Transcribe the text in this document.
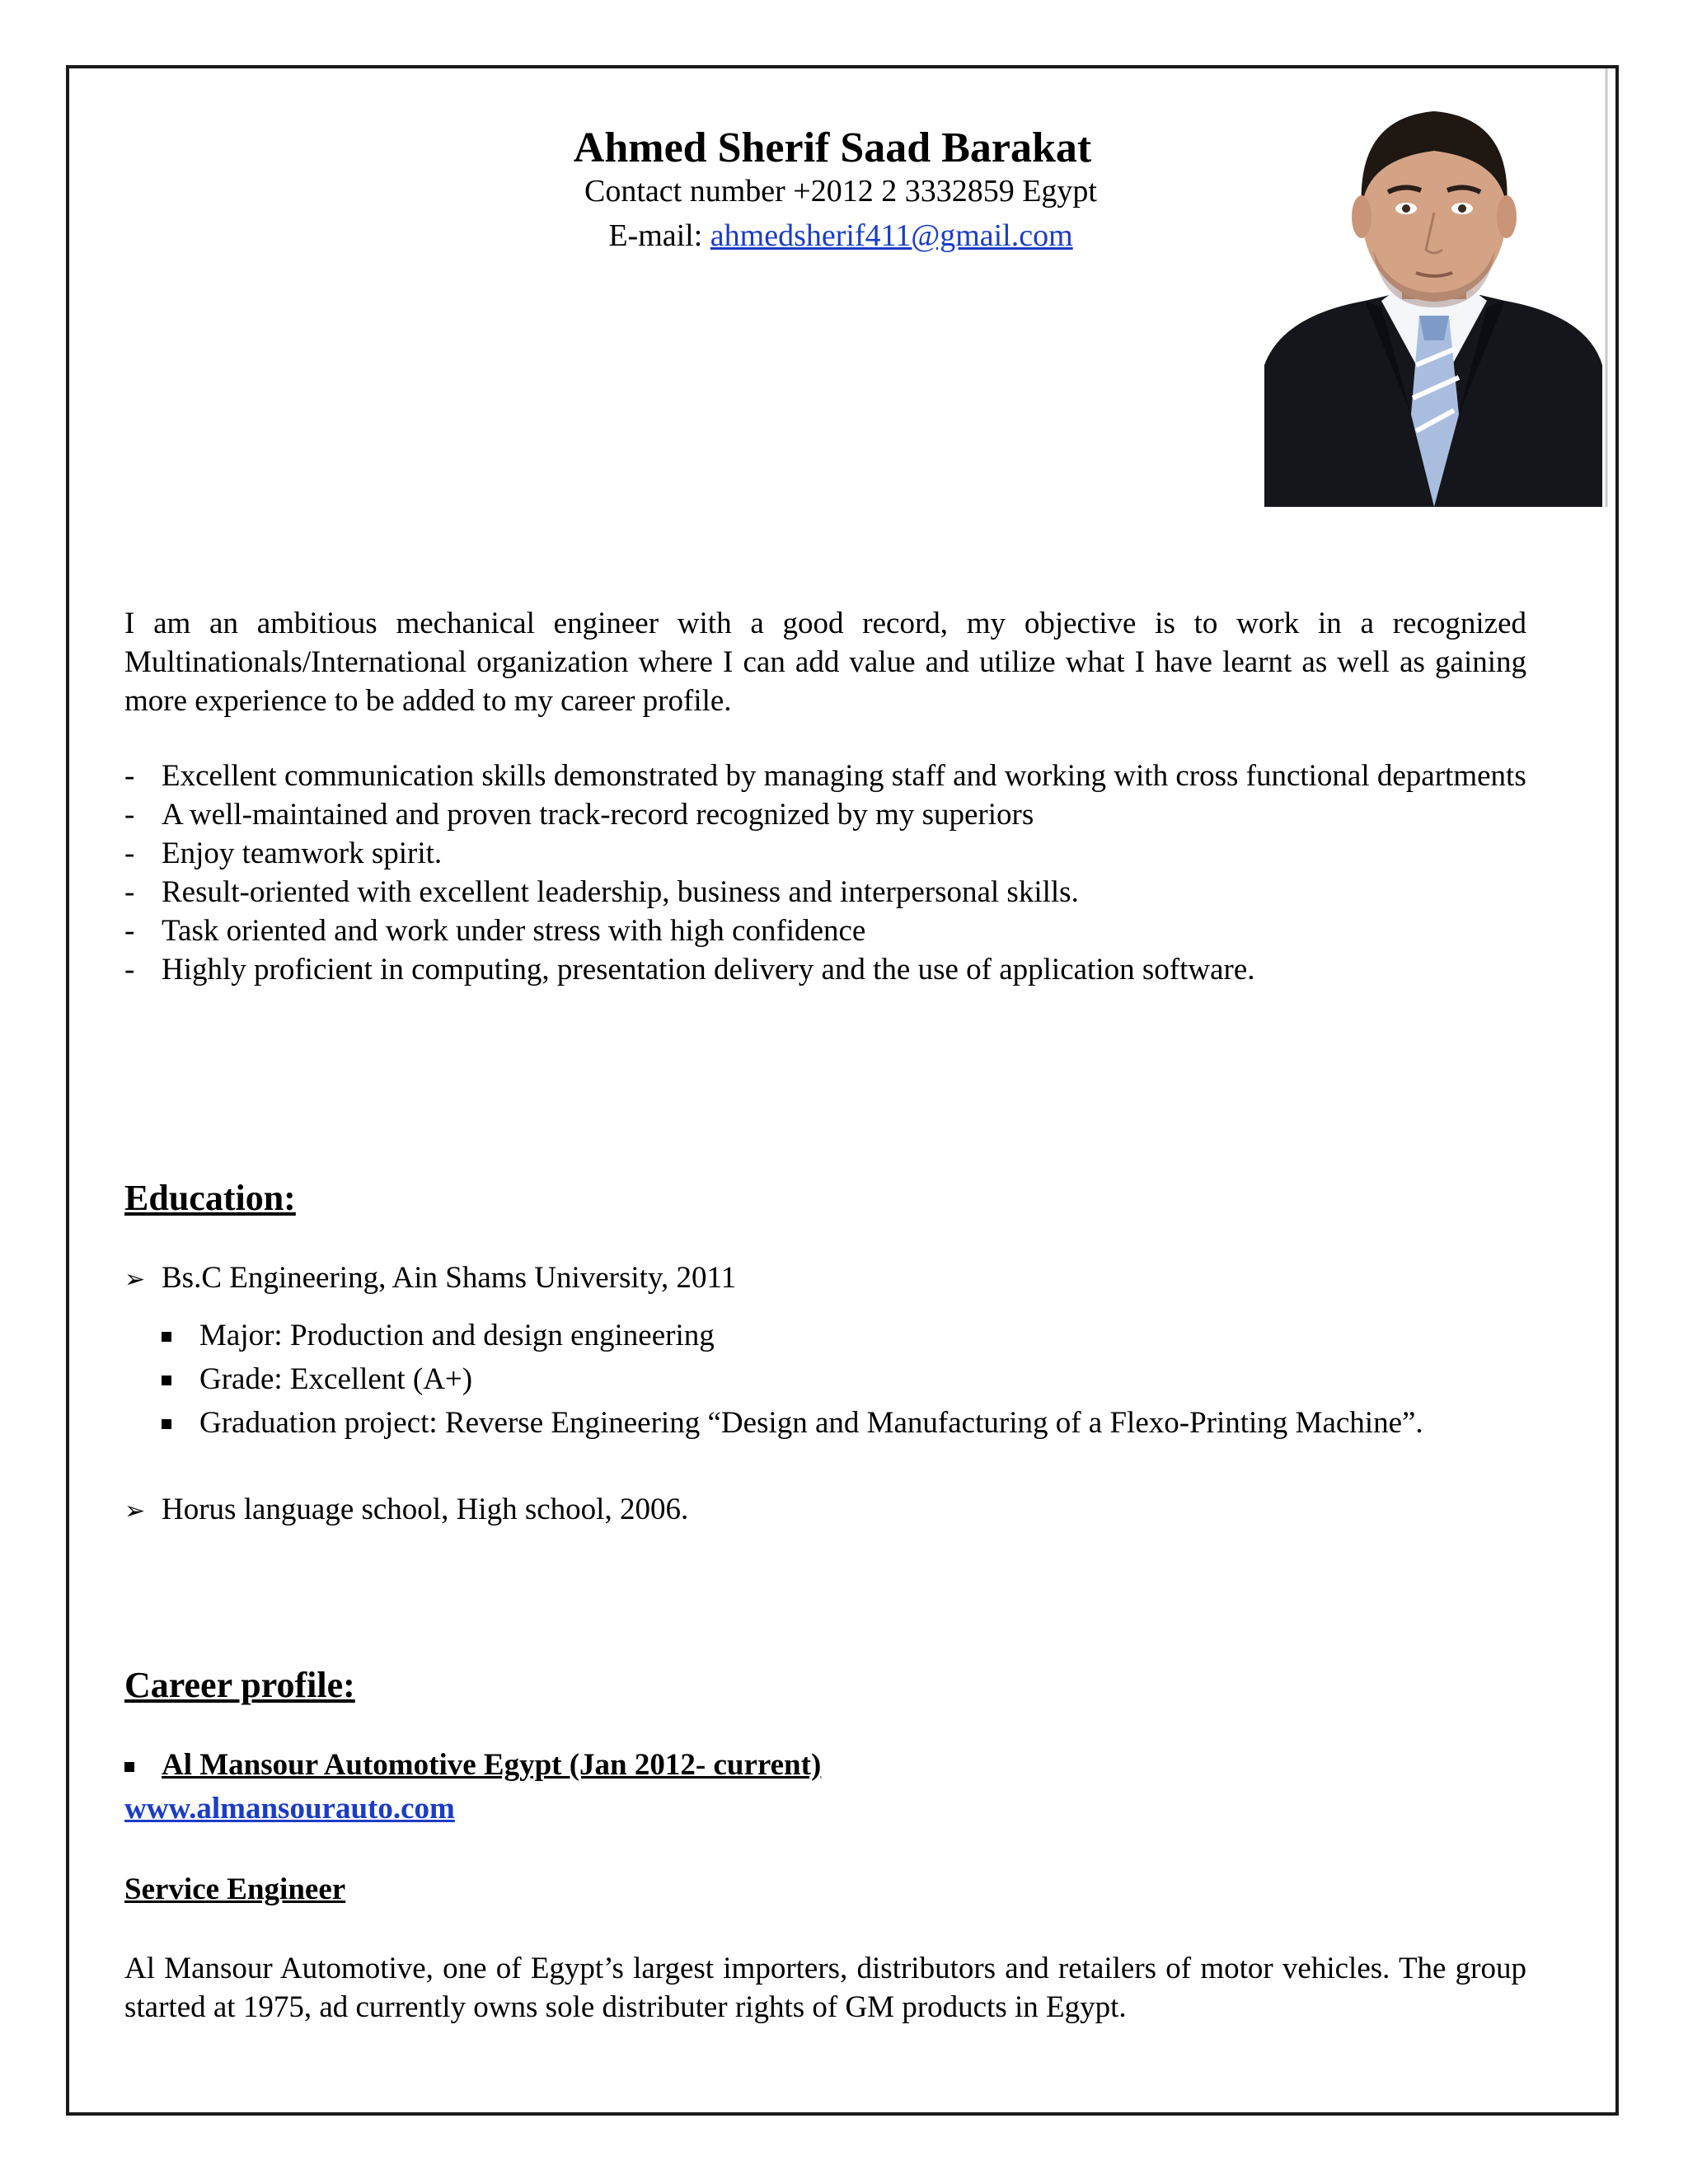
Ahmed Sherif Saad Barakat
Contact number +2012 2 3332859 Egypt
E-mail: ahmedsherif411@gmail.com
I am an ambitious mechanical engineer with a good record, my objective is to work in a recognized Multinationals/International organization where I can add value and utilize what I have learnt as well as gaining more experience to be added to my career profile.
- Excellent communication skills demonstrated by managing staff and working with cross functional departments
- A well-maintained and proven track-record recognized by my superiors
- Enjoy teamwork spirit.
- Result-oriented with excellent leadership, business and interpersonal skills.
- Task oriented and work under stress with high confidence
- Highly proficient in computing, presentation delivery and the use of application software.
Education:
➢ Bs.C Engineering, Ain Shams University, 2011
Major: Production and design engineering
Grade: Excellent (A+)
Graduation project: Reverse Engineering “Design and Manufacturing of a Flexo-Printing Machine”.
➢ Horus language school, High school, 2006.
Career profile:
Al Mansour Automotive Egypt (Jan 2012- current)
www.almansourauto.com
Service Engineer
Al Mansour Automotive, one of Egypt’s largest importers, distributors and retailers of motor vehicles. The group started at 1975, ad currently owns sole distributer rights of GM products in Egypt.
